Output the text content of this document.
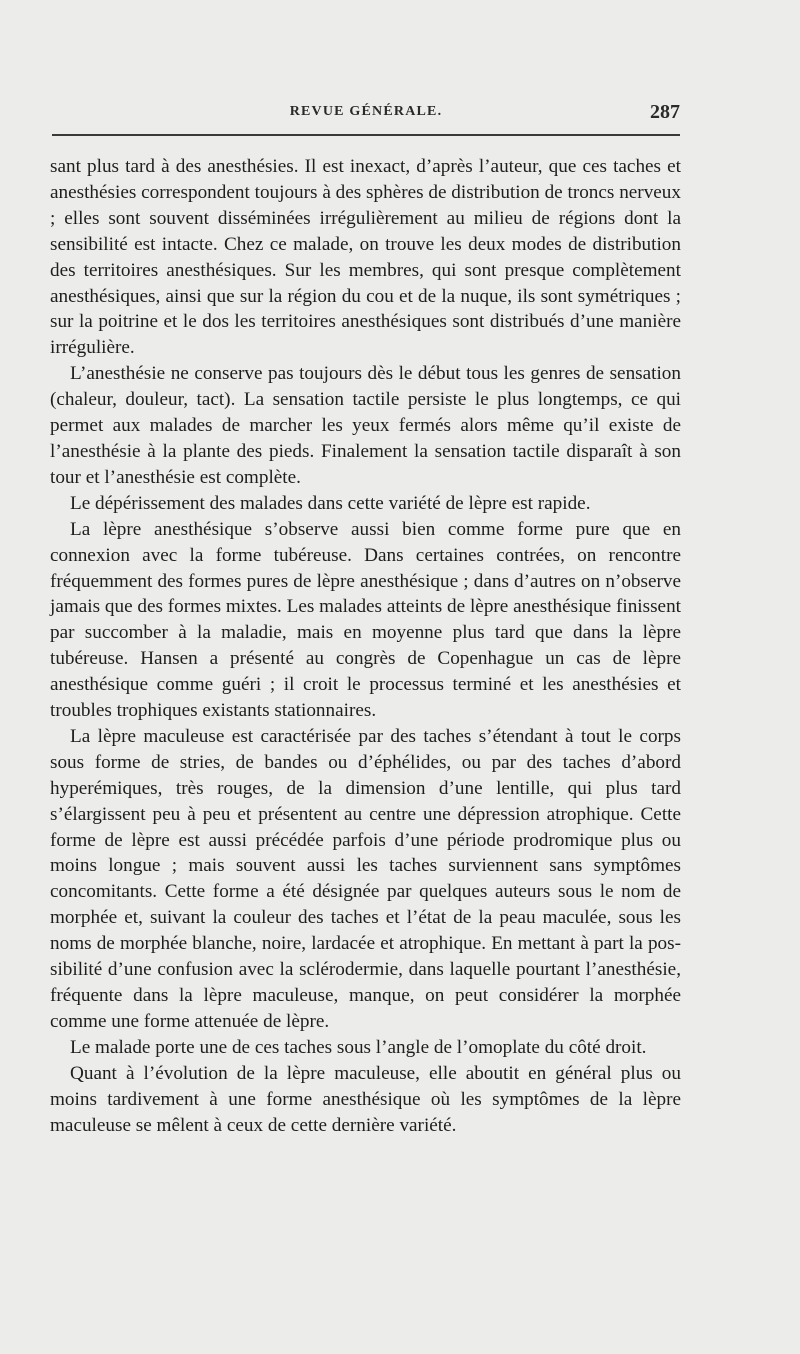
REVUE GÉNÉRALE.	287

sant plus tard à des anesthésies. Il est inexact, d’après l’auteur, que ces taches et anesthésies correspondent toujours à des sphères de distribution de troncs nerveux ; elles sont souvent disséminées irrégulièrement au milieu de régions dont la sensibilité est intacte. Chez ce malade, on trouve les deux modes de distribution des territoires anesthésiques. Sur les membres, qui sont presque complètement anesthésiques, ainsi que sur la région du cou et de la nuque, ils sont symétriques ; sur la poitrine et le dos les territoires anesthésiques sont distribués d’une manière irrégulière.

L’anesthésie ne conserve pas toujours dès le début tous les genres de sensation (chaleur, douleur, tact). La sensation tactile persiste le plus longtemps, ce qui permet aux malades de marcher les yeux fermés alors même qu’il existe de l’anesthésie à la plante des pieds. Finalement la sensation tactile disparaît à son tour et l’anesthésie est complète.

Le dépérissement des malades dans cette variété de lèpre est rapide.

La lèpre anesthésique s’observe aussi bien comme forme pure que en connexion avec la forme tubéreuse. Dans certaines contrées, on rencontre fréquemment des formes pures de lèpre anesthésique ; dans d’autres on n’observe jamais que des formes mixtes. Les malades atteints de lèpre anesthésique finissent par succomber à la maladie, mais en moyenne plus tard que dans la lèpre tubéreuse. Hansen a présenté au congrès de Copenhague un cas de lèpre anesthésique comme guéri ; il croit le processus terminé et les anesthésies et troubles trophiques existants stationnaires.

La lèpre maculeuse est caractérisée par des taches s’étendant à tout le corps sous forme de stries, de bandes ou d’éphélides, ou par des taches d’abord hyperémiques, très rouges, de la dimension d’une lentille, qui plus tard s’élargissent peu à peu et présentent au centre une dépression atrophique. Cette forme de lèpre est aussi précédée parfois d’une période prodromique plus ou moins longue ; mais souvent aussi les taches surviennent sans symptômes concomitants. Cette forme a été désignée par quelques auteurs sous le nom de morphée et, suivant la couleur des taches et l’état de la peau maculée, sous les noms de morphée blanche, noire, lardacée et atrophique. En mettant à part la possibilité d’une confusion avec la sclérodermie, dans laquelle pourtant l’anesthésie, fréquente dans la lèpre maculeuse, manque, on peut considérer la morphée comme une forme attenuée de lèpre.

Le malade porte une de ces taches sous l’angle de l’omoplate du côté droit.

Quant à l’évolution de la lèpre maculeuse, elle aboutit en général plus ou moins tardivement à une forme anesthésique où les symptômes de la lèpre maculeuse se mêlent à ceux de cette dernière variété.
